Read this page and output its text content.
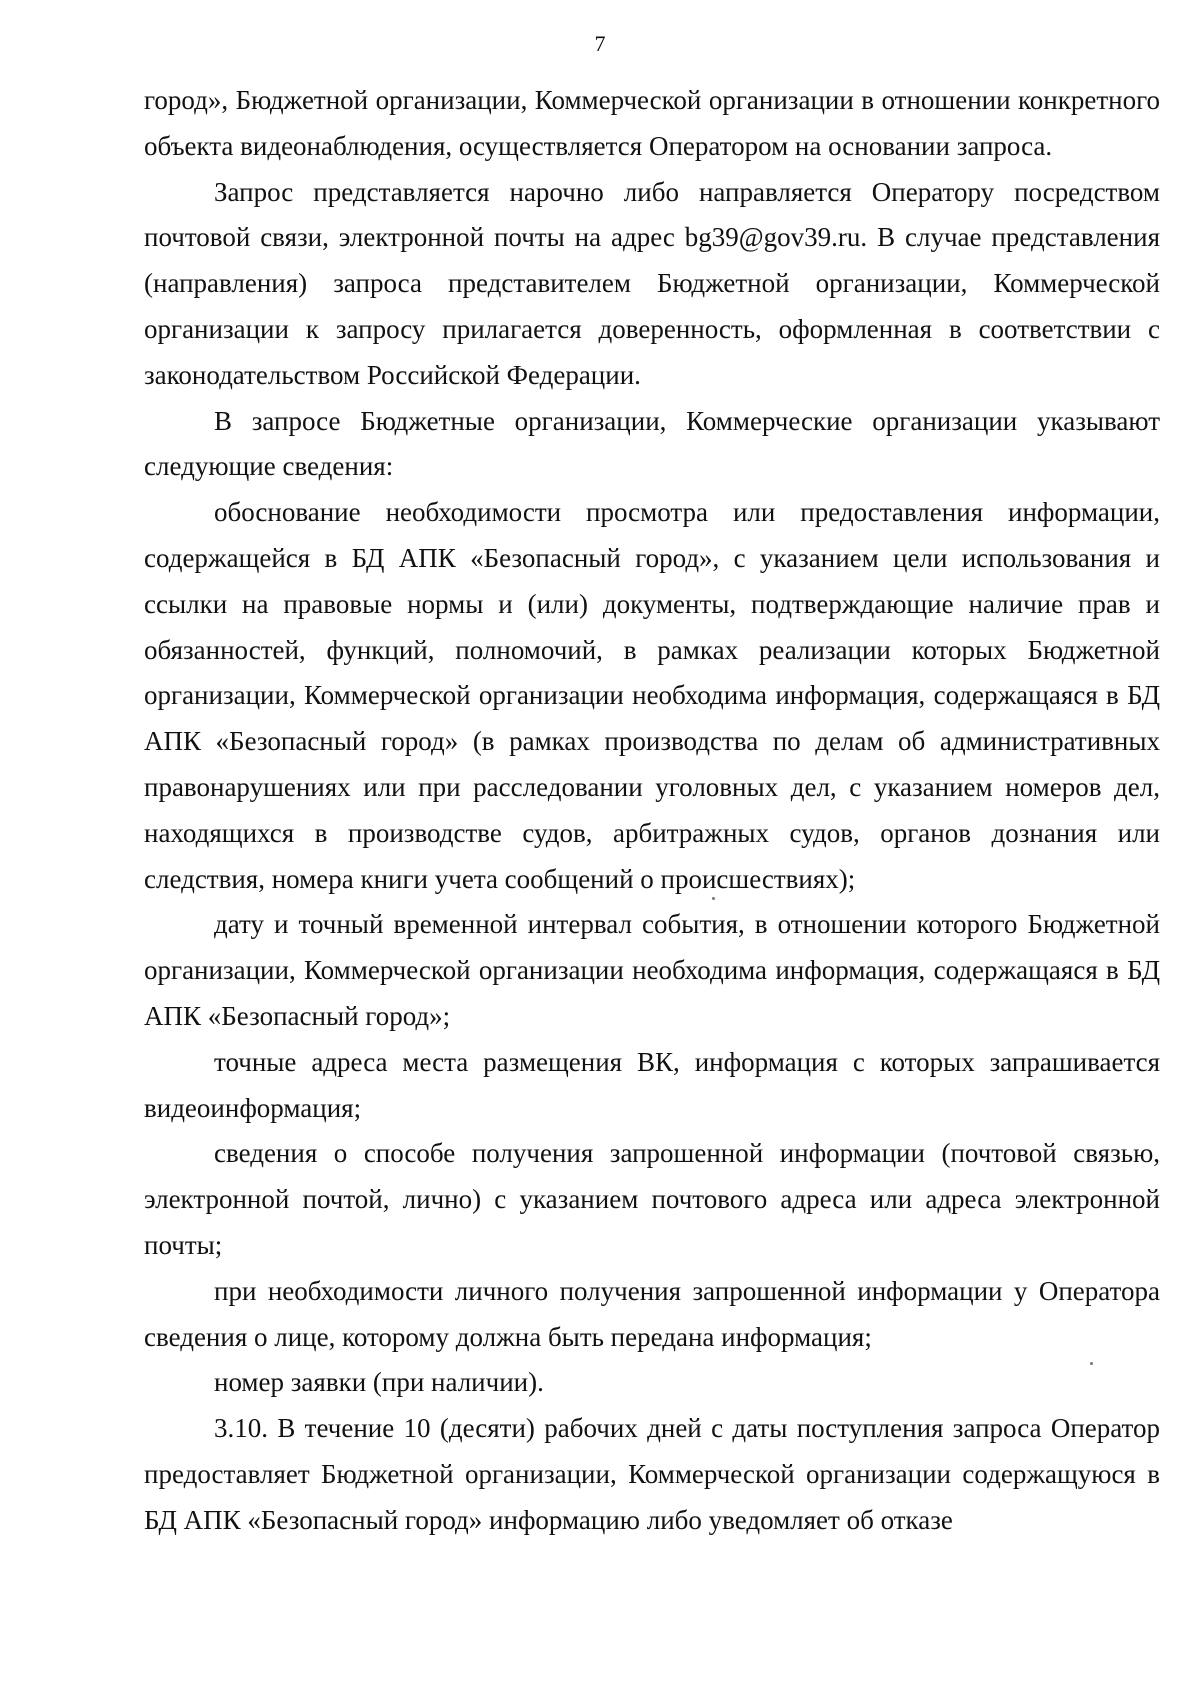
7

город», Бюджетной организации, Коммерческой организации в отношении конкретного объекта видеонаблюдения, осуществляется Оператором на основании запроса.

Запрос представляется нарочно либо направляется Оператору посредством почтовой связи, электронной почты на адрес bg39@gov39.ru. В случае представления (направления) запроса представителем Бюджетной организации, Коммерческой организации к запросу прилагается доверенность, оформленная в соответствии с законодательством Российской Федерации.

В запросе Бюджетные организации, Коммерческие организации указывают следующие сведения:

обоснование необходимости просмотра или предоставления информации, содержащейся в БД АПК «Безопасный город», с указанием цели использования и ссылки на правовые нормы и (или) документы, подтверждающие наличие прав и обязанностей, функций, полномочий, в рамках реализации которых Бюджетной организации, Коммерческой организации необходима информация, содержащаяся в БД АПК «Безопасный город» (в рамках производства по делам об административных правонарушениях или при расследовании уголовных дел, с указанием номеров дел, находящихся в производстве судов, арбитражных судов, органов дознания или следствия, номера книги учета сообщений о происшествиях);

дату и точный временной интервал события, в отношении которого Бюджетной организации, Коммерческой организации необходима информация, содержащаяся в БД АПК «Безопасный город»;

точные адреса места размещения ВК, информация с которых запрашивается видеоинформация;

сведения о способе получения запрошенной информации (почтовой связью, электронной почтой, лично) с указанием почтового адреса или адреса электронной почты;

при необходимости личного получения запрошенной информации у Оператора сведения о лице, которому должна быть передана информация;

номер заявки (при наличии).

3.10. В течение 10 (десяти) рабочих дней с даты поступления запроса Оператор предоставляет Бюджетной организации, Коммерческой организации содержащуюся в БД АПК «Безопасный город» информацию либо уведомляет об отказе
